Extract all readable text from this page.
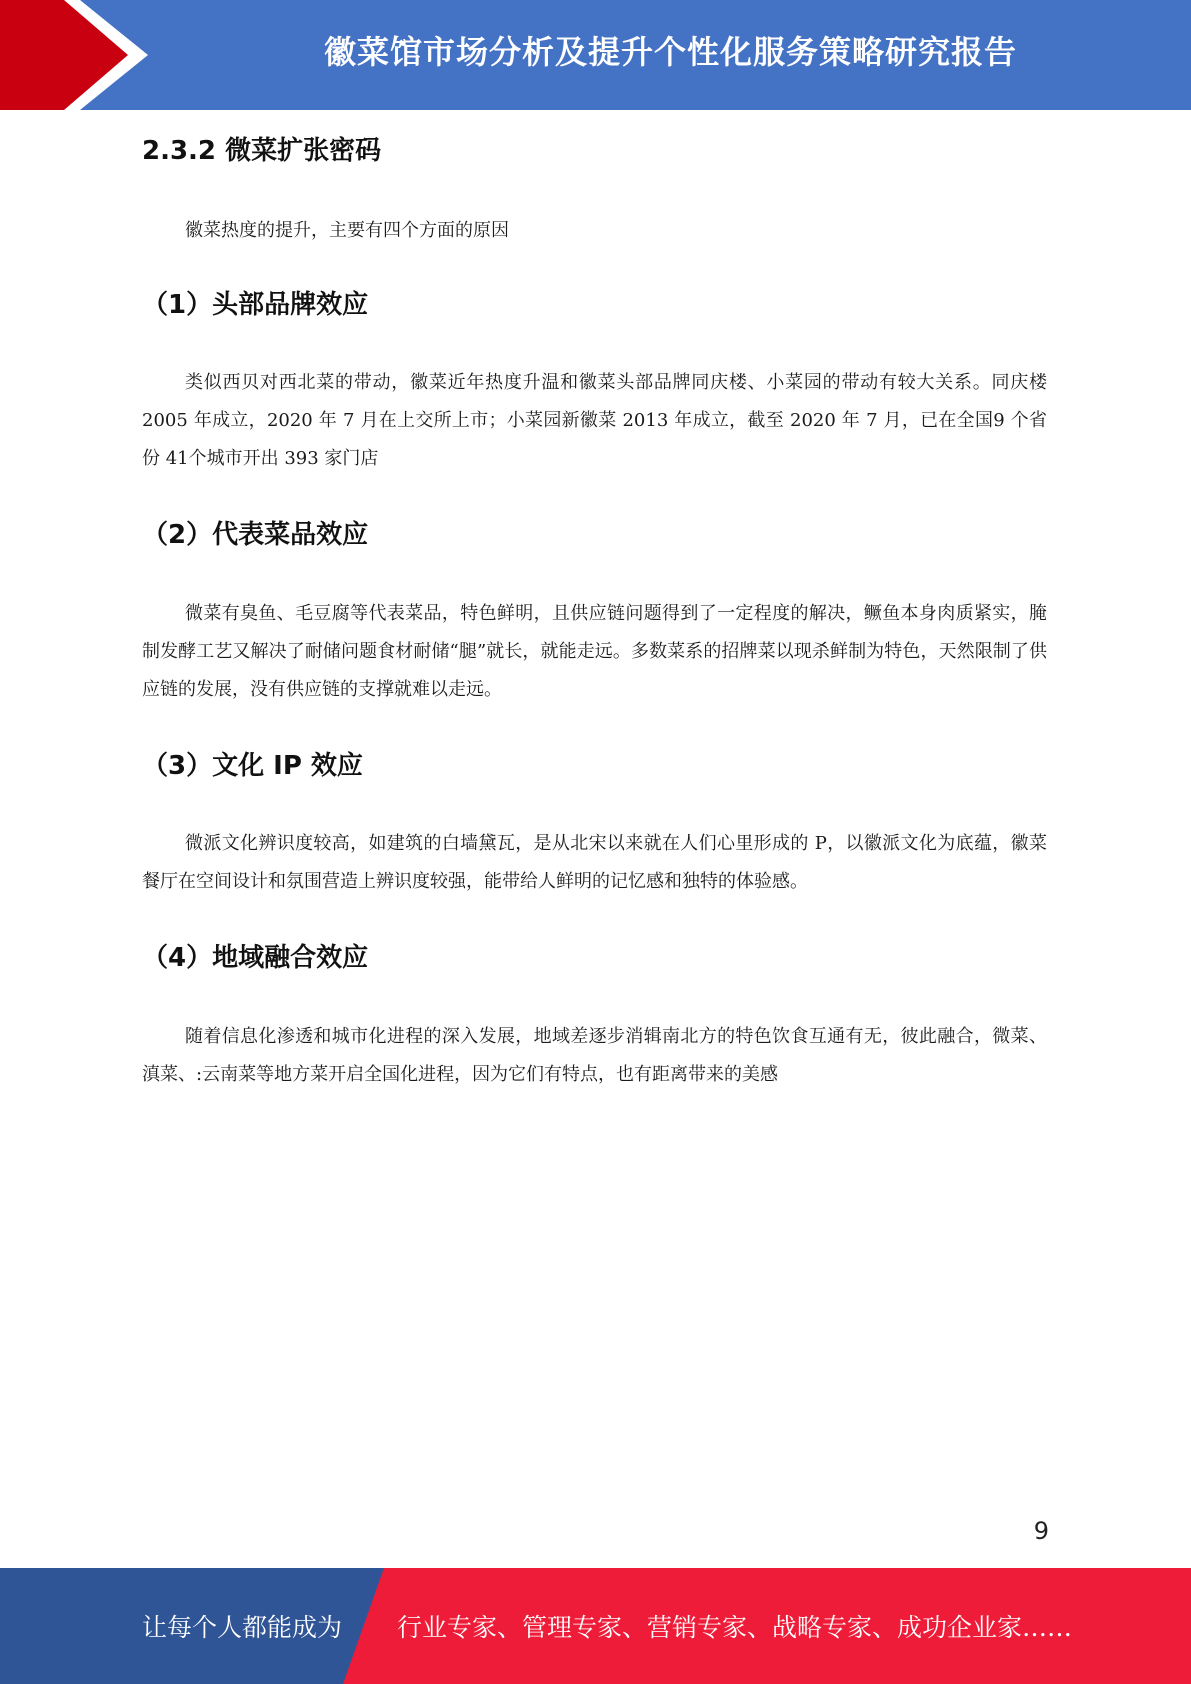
徽菜馆市场分析及提升个性化服务策略研究报告
2.3.2 微菜扩张密码
徽菜热度的提升，主要有四个方面的原因
（1）头部品牌效应
类似西贝对西北菜的带动，徽菜近年热度升温和徽菜头部品牌同庆楼、小菜园的带动有较大关系。同庆楼 2005 年成立，2020 年 7 月在上交所上市；小菜园新徽菜 2013 年成立，截至 2020 年 7 月，已在全国9 个省份 41个城市开出 393 家门店
（2）代表菜品效应
微菜有臭鱼、毛豆腐等代表菜品，特色鲜明，且供应链问题得到了一定程度的解决，鳜鱼本身肉质紧实，腌制发酵工艺又解决了耐储问题食材耐储“腿”就长，就能走远。多数菜系的招牌菜以现杀鲜制为特色，天然限制了供应链的发展，没有供应链的支撑就难以走远。
（3）文化 IP 效应
微派文化辨识度较高，如建筑的白墙黛瓦，是从北宋以来就在人们心里形成的 P，以徽派文化为底蕴，徽菜餐厅在空间设计和氛围营造上辨识度较强，能带给人鲜明的记忆感和独特的体验感。
（4）地域融合效应
随着信息化渗透和城市化进程的深入发展，地域差逐步消辑南北方的特色饮食互通有无，彼此融合，微菜、滇菜、:云南菜等地方菜开启全国化进程，因为它们有特点，也有距离带来的美感
9
让每个人都能成为 行业专家、管理专家、营销专家、战略专家、成功企业家……
